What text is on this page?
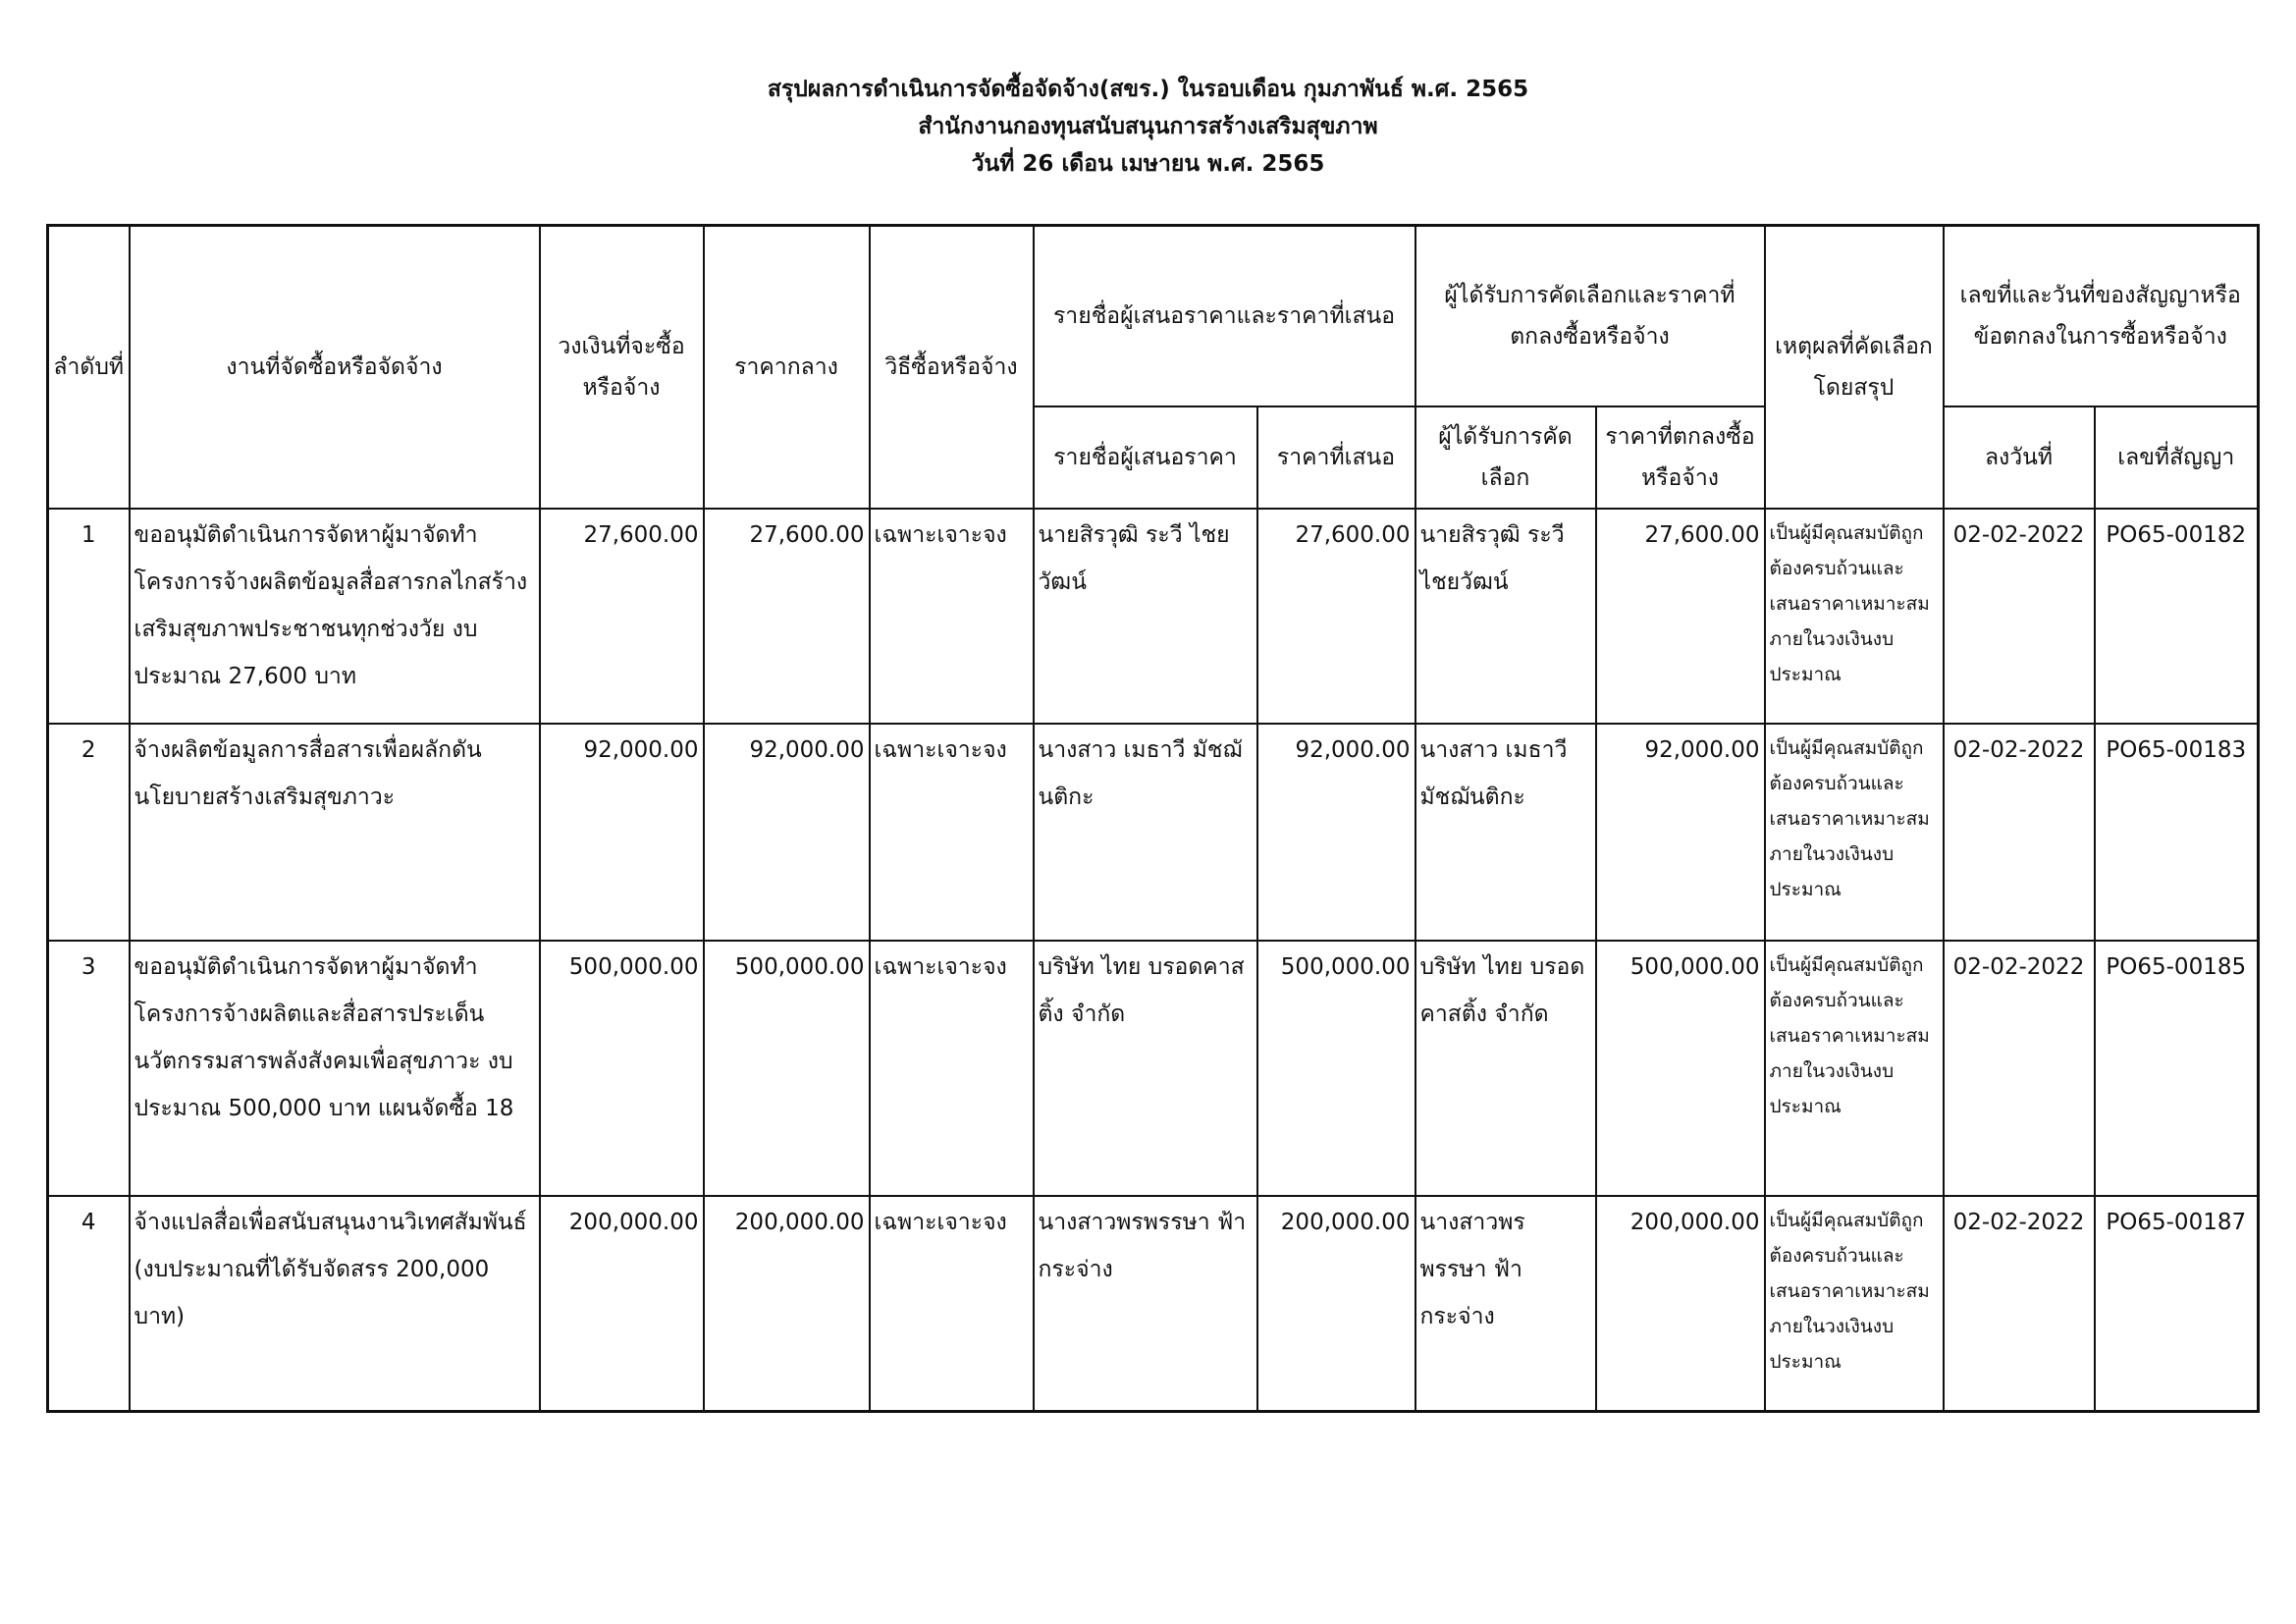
สรุปผลการดำเนินการจัดซื้อจัดจ้าง(สขร.) ในรอบเดือน กุมภาพันธ์ พ.ศ. 2565
สำนักงานกองทุนสนับสนุนการสร้างเสริมสุขภาพ
วันที่ 26 เดือน เมษายน พ.ศ. 2565
ลำดับที่	งานที่จัดซื้อหรือจัดจ้าง	วงเงินที่จะซื้อหรือจ้าง	ราคากลาง	วิธีซื้อหรือจ้าง	รายชื่อผู้เสนอราคาและราคาที่เสนอ		ผู้ได้รับการคัดเลือกและราคาที่ตกลงซื้อหรือจ้าง		เหตุผลที่คัดเลือกโดยสรุป	เลขที่และวันที่ของสัญญาหรือข้อตกลงในการซื้อหรือจ้าง	
					รายชื่อผู้เสนอราคา	ราคาที่เสนอ	ผู้ได้รับการคัดเลือก	ราคาที่ตกลงซื้อหรือจ้าง		ลงวันที่	เลขที่สัญญา
1	ขออนุมัติดำเนินการจัดหาผู้มาจัดทำโครงการจ้างผลิตข้อมูลสื่อสารกลไกสร้างเสริมสุขภาพประชาชนทุกช่วงวัย งบประมาณ 27,600 บาท	27,600.00	27,600.00	เฉพาะเจาะจง	นายสิรวุฒิ ระวี ไชยวัฒน์	27,600.00	นายสิรวุฒิ ระวี ไชยวัฒน์	27,600.00	เป็นผู้มีคุณสมบัติถูกต้องครบถ้วนและเสนอราคาเหมาะสมภายในวงเงินงบประมาณ	02-02-2022	PO65-00182
2	จ้างผลิตข้อมูลการสื่อสารเพื่อผลักดันนโยบายสร้างเสริมสุขภาวะ	92,000.00	92,000.00	เฉพาะเจาะจง	นางสาว เมธาวี มัชฌันติกะ	92,000.00	นางสาว เมธาวี มัชฌันติกะ	92,000.00	เป็นผู้มีคุณสมบัติถูกต้องครบถ้วนและเสนอราคาเหมาะสมภายในวงเงินงบประมาณ	02-02-2022	PO65-00183
3	ขออนุมัติดำเนินการจัดหาผู้มาจัดทำโครงการจ้างผลิตและสื่อสารประเด็นนวัตกรรมสารพลังสังคมเพื่อสุขภาวะ งบประมาณ 500,000 บาท แผนจัดซื้อ 18	500,000.00	500,000.00	เฉพาะเจาะจง	บริษัท ไทย บรอดคาสติ้ง จำกัด	500,000.00	บริษัท ไทย บรอดคาสติ้ง จำกัด	500,000.00	เป็นผู้มีคุณสมบัติถูกต้องครบถ้วนและเสนอราคาเหมาะสมภายในวงเงินงบประมาณ	02-02-2022	PO65-00185
4	จ้างแปลสื่อเพื่อสนับสนุนงานวิเทศสัมพันธ์ (งบประมาณที่ได้รับจัดสรร 200,000 บาท)	200,000.00	200,000.00	เฉพาะเจาะจง	นางสาวพรพรรษา ฟ้ากระจ่าง	200,000.00	นางสาวพรพรรษา ฟ้ากระจ่าง	200,000.00	เป็นผู้มีคุณสมบัติถูกต้องครบถ้วนและเสนอราคาเหมาะสมภายในวงเงินงบประมาณ	02-02-2022	PO65-00187
